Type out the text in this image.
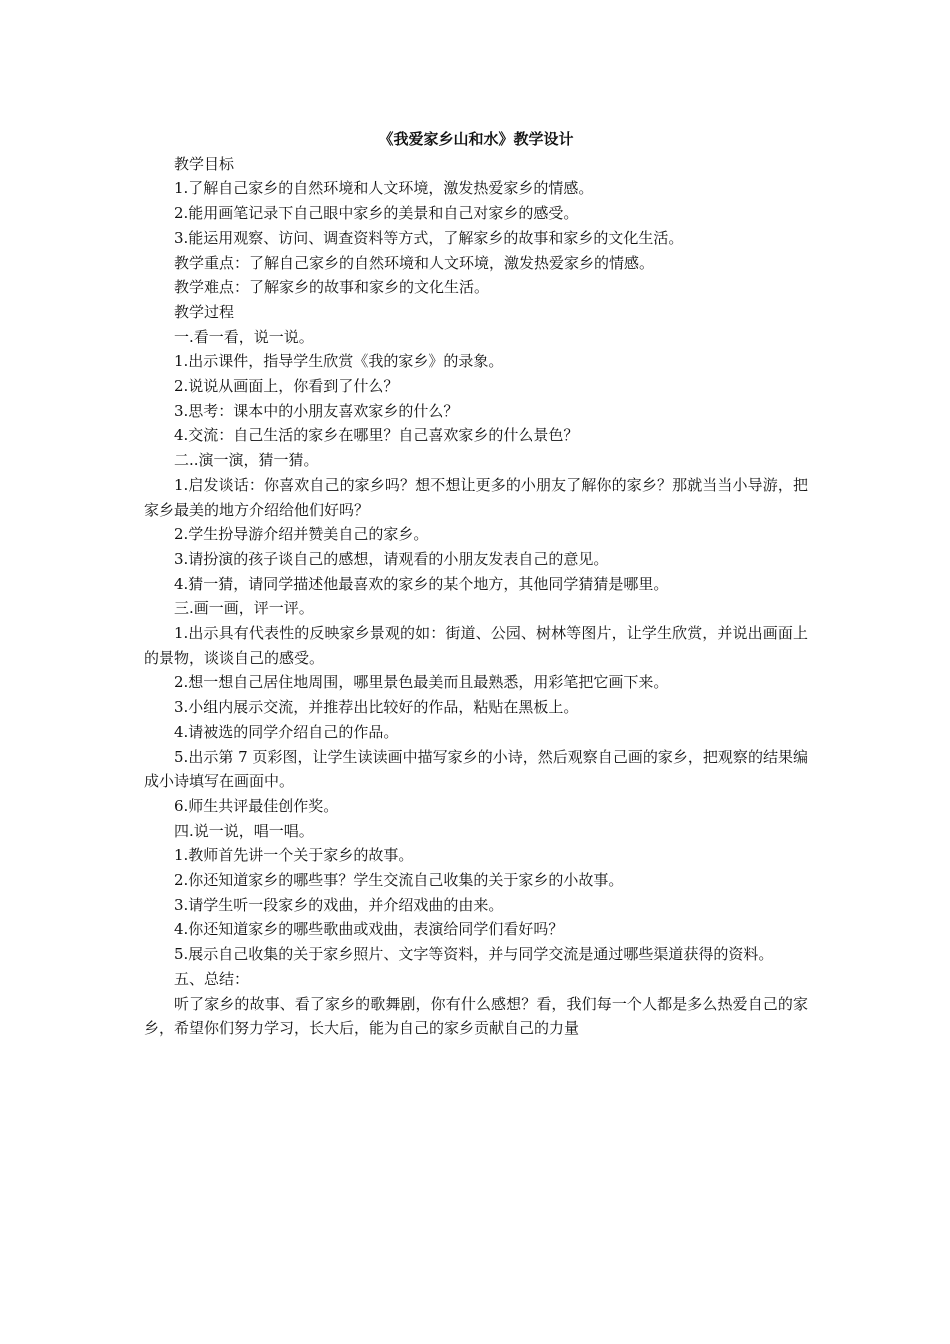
《我爱家乡山和水》教学设计

教学目标

1.了解自己家乡的自然环境和人文环境，激发热爱家乡的情感。

2.能用画笔记录下自己眼中家乡的美景和自己对家乡的感受。

3.能运用观察、访问、调查资料等方式，了解家乡的故事和家乡的文化生活。

教学重点：了解自己家乡的自然环境和人文环境，激发热爱家乡的情感。

教学难点：了解家乡的故事和家乡的文化生活。

教学过程

一.看一看，说一说。

1.出示课件，指导学生欣赏《我的家乡》的录象。

2.说说从画面上，你看到了什么？

3.思考：课本中的小朋友喜欢家乡的什么？

4.交流：自己生活的家乡在哪里？自己喜欢家乡的什么景色？

二..演一演，猜一猜。

1.启发谈话：你喜欢自己的家乡吗？想不想让更多的小朋友了解你的家乡？那就当当小导游，把家乡最美的地方介绍给他们好吗？

2.学生扮导游介绍并赞美自己的家乡。

3.请扮演的孩子谈自己的感想，请观看的小朋友发表自己的意见。

4.猜一猜，请同学描述他最喜欢的家乡的某个地方，其他同学猜猜是哪里。

三.画一画，评一评。

1.出示具有代表性的反映家乡景观的如：街道、公园、树林等图片，让学生欣赏，并说出画面上的景物，谈谈自己的感受。

2.想一想自己居住地周围，哪里景色最美而且最熟悉，用彩笔把它画下来。

3.小组内展示交流，并推荐出比较好的作品，粘贴在黑板上。

4.请被选的同学介绍自己的作品。

5.出示第 7 页彩图，让学生读读画中描写家乡的小诗，然后观察自己画的家乡，把观察的结果编成小诗填写在画面中。

6.师生共评最佳创作奖。

四.说一说，唱一唱。

1.教师首先讲一个关于家乡的故事。

2.你还知道家乡的哪些事？学生交流自己收集的关于家乡的小故事。

3.请学生听一段家乡的戏曲，并介绍戏曲的由来。

4.你还知道家乡的哪些歌曲或戏曲，表演给同学们看好吗？

5.展示自己收集的关于家乡照片、文字等资料，并与同学交流是通过哪些渠道获得的资料。

五、总结：

听了家乡的故事、看了家乡的歌舞剧，你有什么感想？看，我们每一个人都是多么热爱自己的家乡，希望你们努力学习，长大后，能为自己的家乡贡献自己的力量
